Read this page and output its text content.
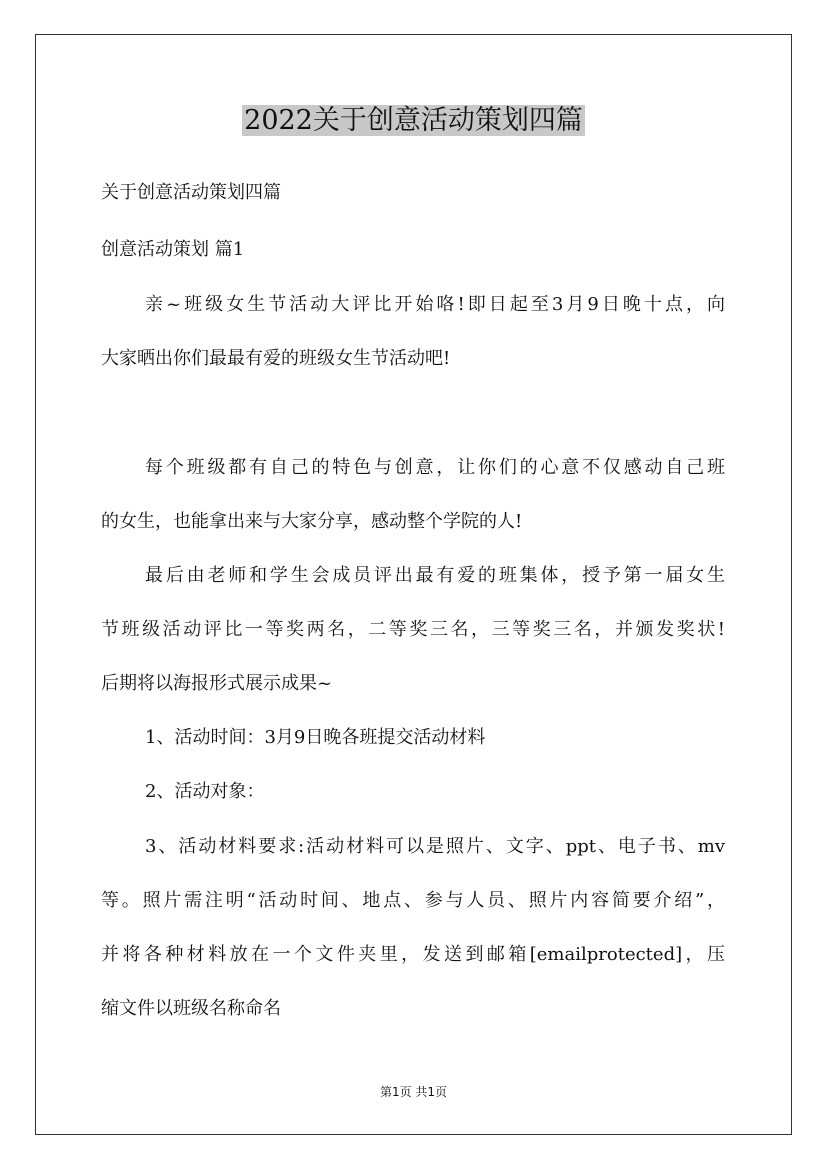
2022关于创意活动策划四篇

关于创意活动策划四篇

创意活动策划 篇1

亲~班级女生节活动大评比开始咯!即日起至3月9日晚十点，向

大家晒出你们最最有爱的班级女生节活动吧!

每个班级都有自己的特色与创意，让你们的心意不仅感动自己班

的女生，也能拿出来与大家分享，感动整个学院的人!

最后由老师和学生会成员评出最有爱的班集体，授予第一届女生

节班级活动评比一等奖两名，二等奖三名，三等奖三名，并颁发奖状!

后期将以海报形式展示成果~

1、活动时间：3月9日晚各班提交活动材料

2、活动对象：

3、活动材料要求:活动材料可以是照片、文字、ppt、电子书、mv

等。照片需注明“活动时间、地点、参与人员、照片内容简要介绍”，

并将各种材料放在一个文件夹里，发送到邮箱[emailprotected]，压

缩文件以班级名称命名

第1页 共1页
